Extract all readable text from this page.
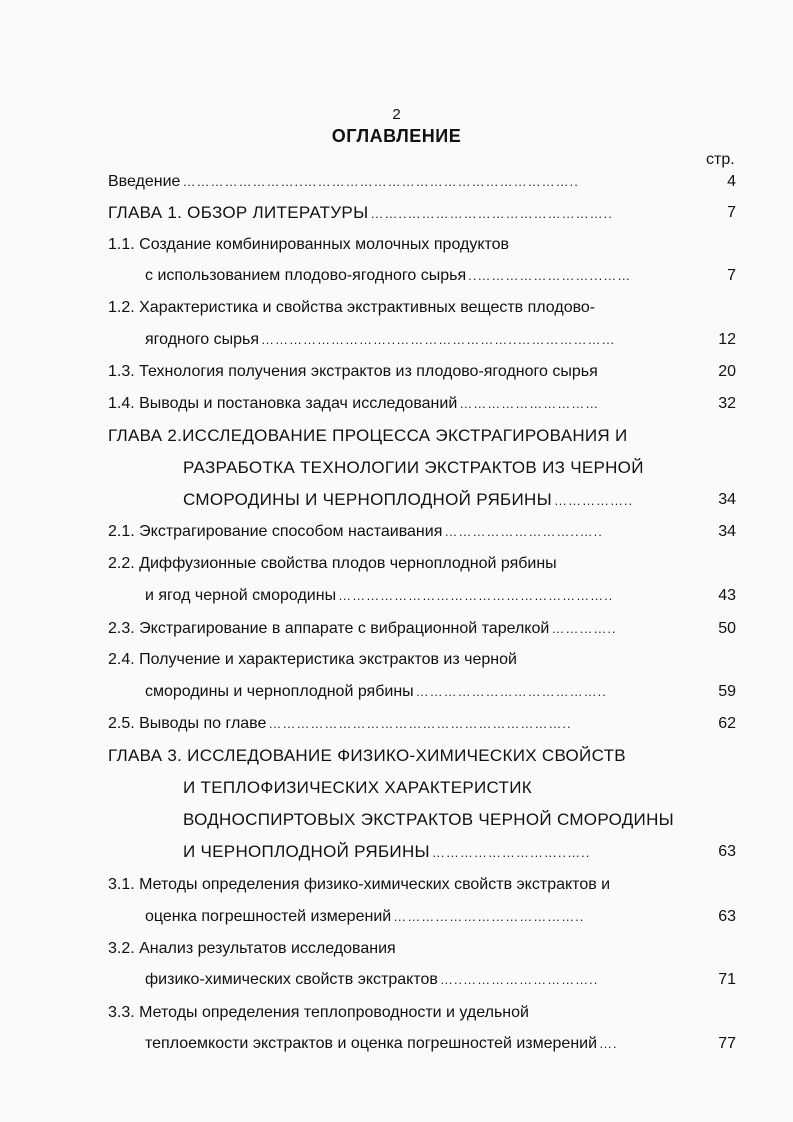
2
ОГЛАВЛЕНИЕ
стр.
Введение ……………………..…………………………………………………..	4
ГЛАВА 1. ОБЗОР ЛИТЕРАТУРЫ ……..……………………………………..	7
1.1. Создание комбинированных молочных продуктов
с использованием плодово-ягодного сырья ..……………………...……	7
1.2. Характеристика и свойства экстрактивных веществ плодово-
ягодного сырья ………………………..……………………..…………………	12
1.3. Технология получения экстрактов из плодово-ягодного сырья	20
1.4. Выводы и постановка задач исследований …………………………	32
ГЛАВА 2.ИССЛЕДОВАНИЕ ПРОЦЕССА ЭКСТРАГИРОВАНИЯ И
РАЗРАБОТКА ТЕХНОЛОГИИ ЭКСТРАКТОВ ИЗ ЧЕРНОЙ
СМОРОДИНЫ И ЧЕРНОПЛОДНОЙ РЯБИНЫ ……………..	34
2.1. Экстрагирование способом настаивания ………………………..…..	34
2.2. Диффузионные свойства плодов черноплодной рябины
и ягод черной смородины …………………………………………………..	43
2.3. Экстрагирование в аппарате с вибрационной тарелкой …………..	50
2.4. Получение и характеристика экстрактов из черной
смородины и черноплодной рябины …………………………………..	59
2.5. Выводы по главе ………………………………………………………..	62
ГЛАВА 3. ИССЛЕДОВАНИЕ ФИЗИКО-ХИМИЧЕСКИХ СВОЙСТВ
И ТЕПЛОФИЗИЧЕСКИХ ХАРАКТЕРИСТИК
ВОДНОСПИРТОВЫХ ЭКСТРАКТОВ ЧЕРНОЙ СМОРОДИНЫ
И ЧЕРНОПЛОДНОЙ РЯБИНЫ ………………………..…..	63
3.1. Методы определения физико-химических свойств экстрактов и
оценка погрешностей измерений …………………………………..	63
3.2. Анализ результатов исследования
физико-химических свойств экстрактов …..………………………..	71
3.3. Методы определения теплопроводности и удельной
теплоемкости экстрактов и оценка погрешностей измерений ….	77
